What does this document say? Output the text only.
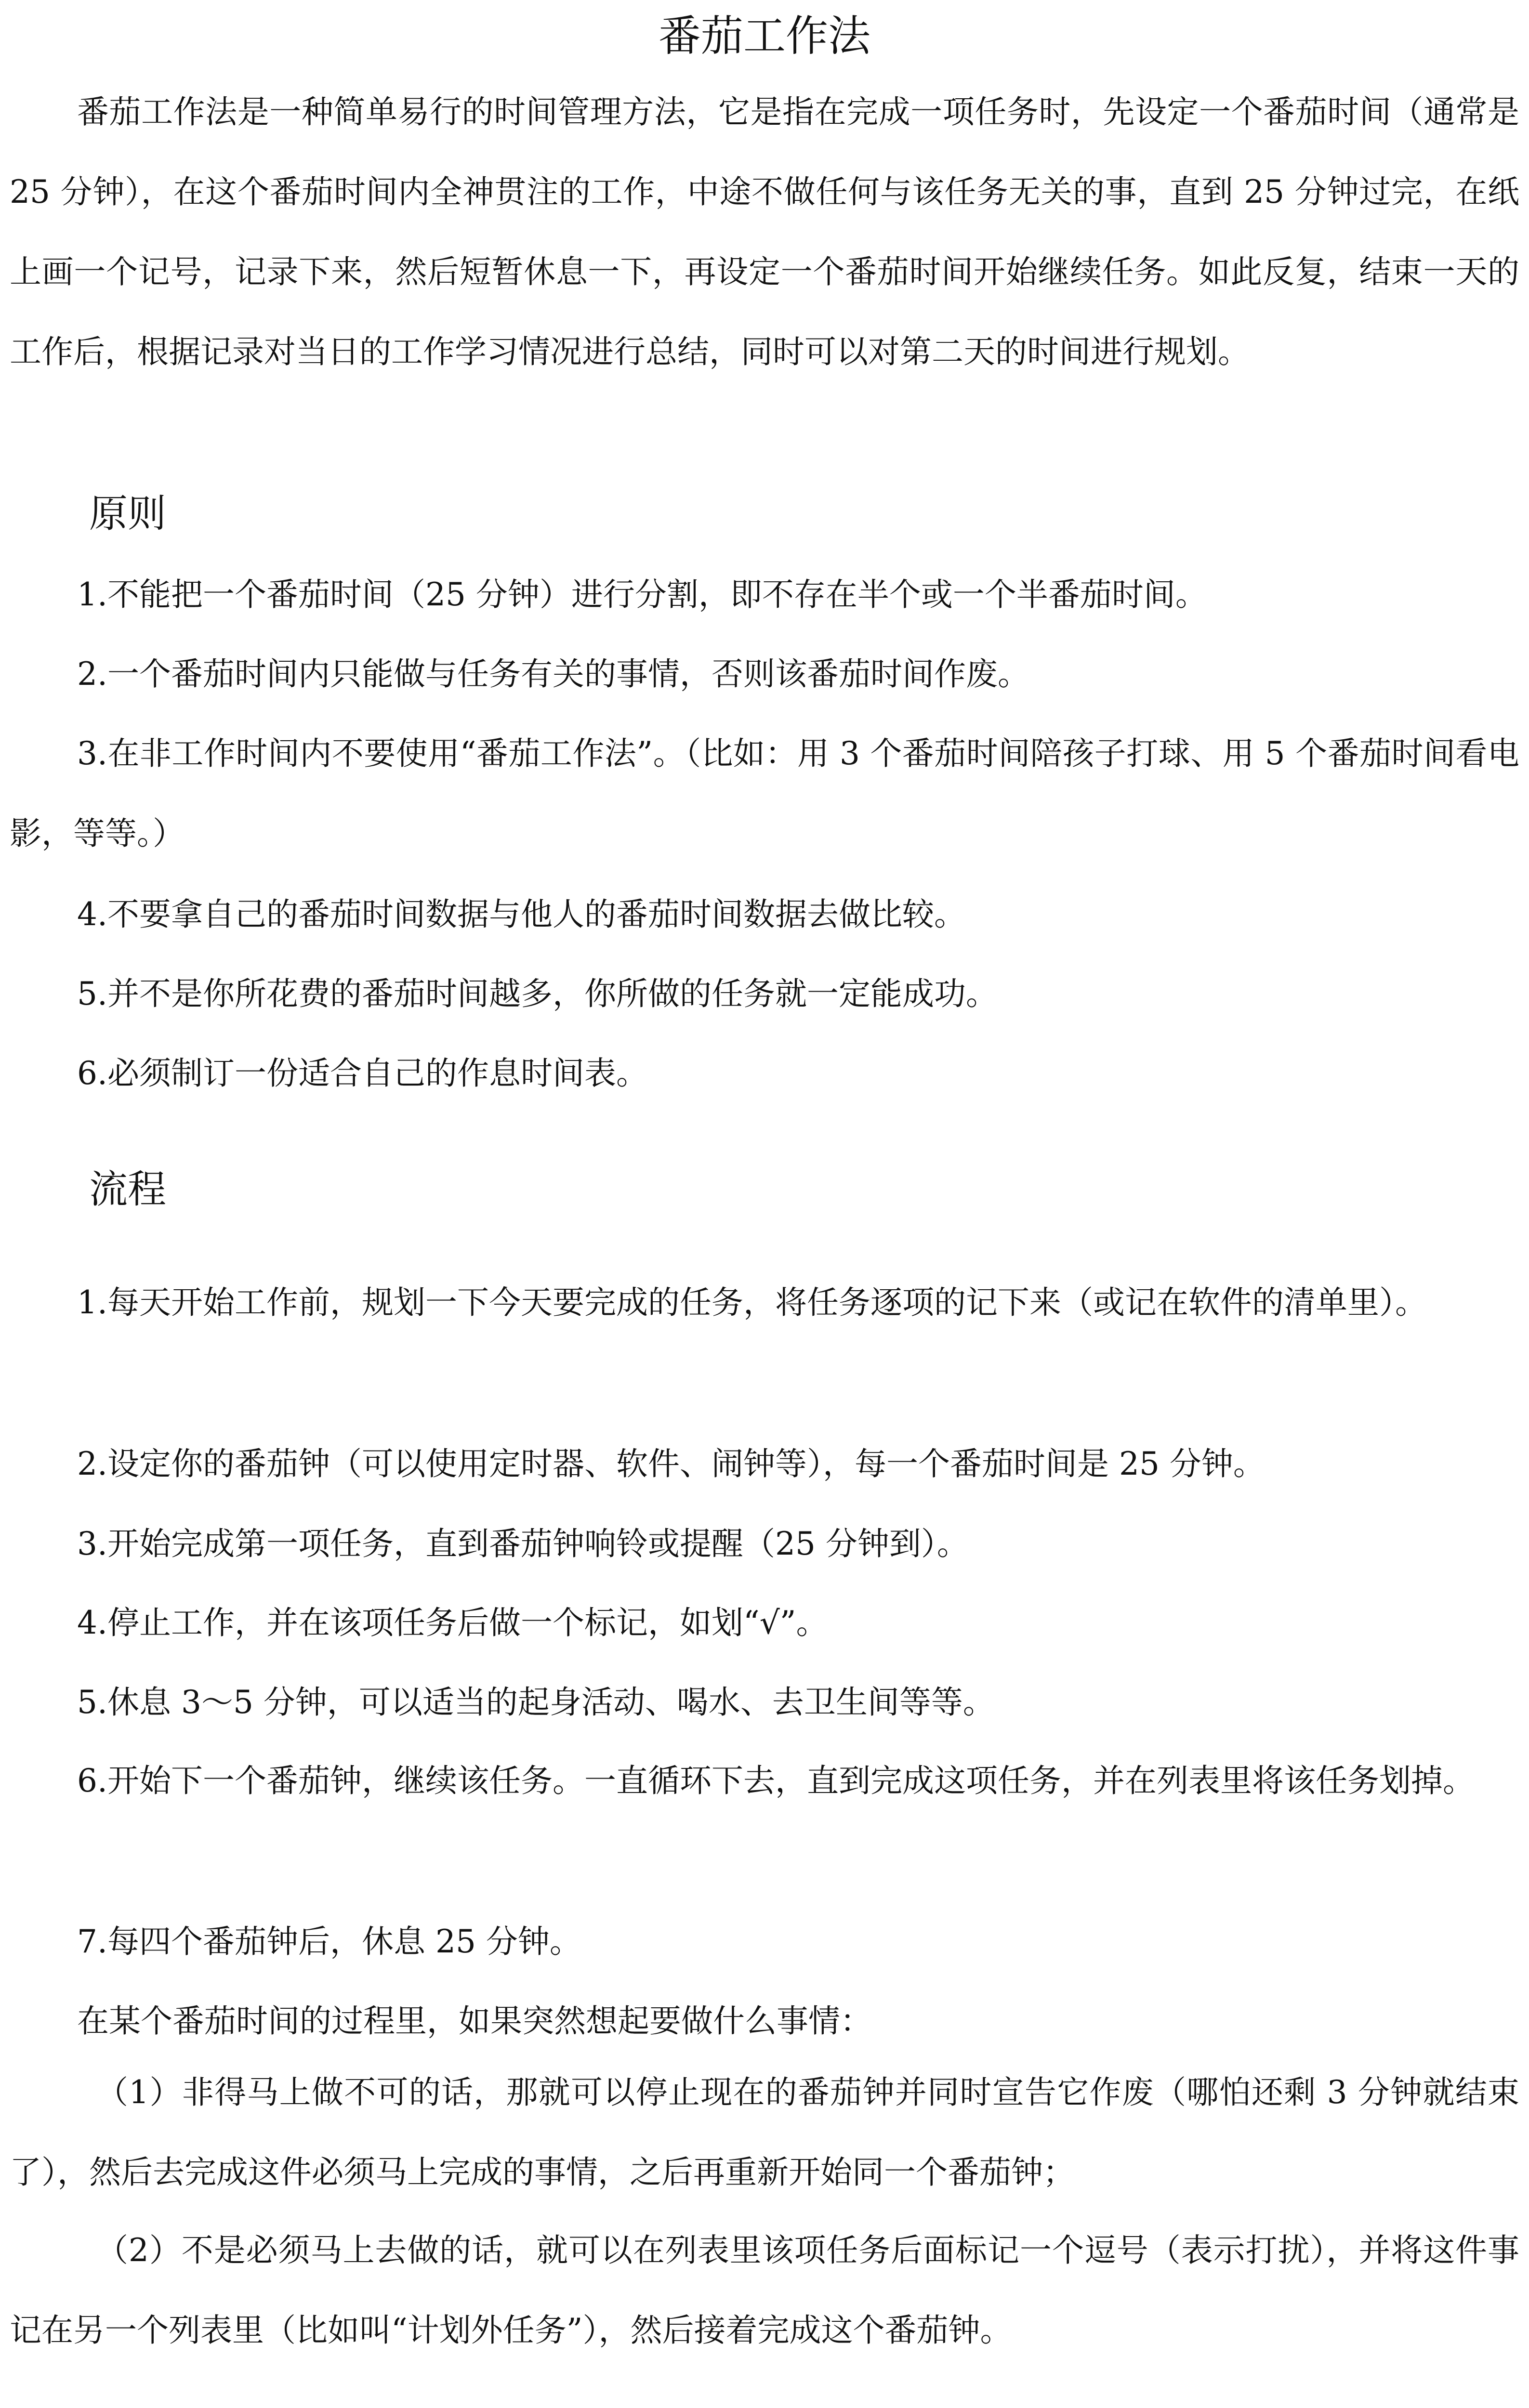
番茄工作法

番茄工作法是一种简单易行的时间管理方法，它是指在完成一项任务时，先设定一个番茄时间（通常是 25 分钟），在这个番茄时间内全神贯注的工作，中途不做任何与该任务无关的事，直到 25 分钟过完，在纸上画一个记号，记录下来，然后短暂休息一下，再设定一个番茄时间开始继续任务。如此反复，结束一天的工作后，根据记录对当日的工作学习情况进行总结，同时可以对第二天的时间进行规划。

原则

1.不能把一个番茄时间（25 分钟）进行分割，即不存在半个或一个半番茄时间。

2.一个番茄时间内只能做与任务有关的事情，否则该番茄时间作废。

3.在非工作时间内不要使用“番茄工作法”。（比如：用 3 个番茄时间陪孩子打球、用 5 个番茄时间看电影，等等。）

4.不要拿自己的番茄时间数据与他人的番茄时间数据去做比较。

5.并不是你所花费的番茄时间越多，你所做的任务就一定能成功。

6.必须制订一份适合自己的作息时间表。

流程

1.每天开始工作前，规划一下今天要完成的任务，将任务逐项的记下来（或记在软件的清单里）。

2.设定你的番茄钟（可以使用定时器、软件、闹钟等），每一个番茄时间是 25 分钟。

3.开始完成第一项任务，直到番茄钟响铃或提醒（25 分钟到）。

4.停止工作，并在该项任务后做一个标记，如划“√”。

5.休息 3～5 分钟，可以适当的起身活动、喝水、去卫生间等等。

6.开始下一个番茄钟，继续该任务。一直循环下去，直到完成这项任务，并在列表里将该任务划掉。

7.每四个番茄钟后，休息 25 分钟。

在某个番茄时间的过程里，如果突然想起要做什么事情：

（1）非得马上做不可的话，那就可以停止现在的番茄钟并同时宣告它作废（哪怕还剩 3 分钟就结束了），然后去完成这件必须马上完成的事情，之后再重新开始同一个番茄钟；

（2）不是必须马上去做的话，就可以在列表里该项任务后面标记一个逗号（表示打扰），并将这件事记在另一个列表里（比如叫“计划外任务”），然后接着完成这个番茄钟。
